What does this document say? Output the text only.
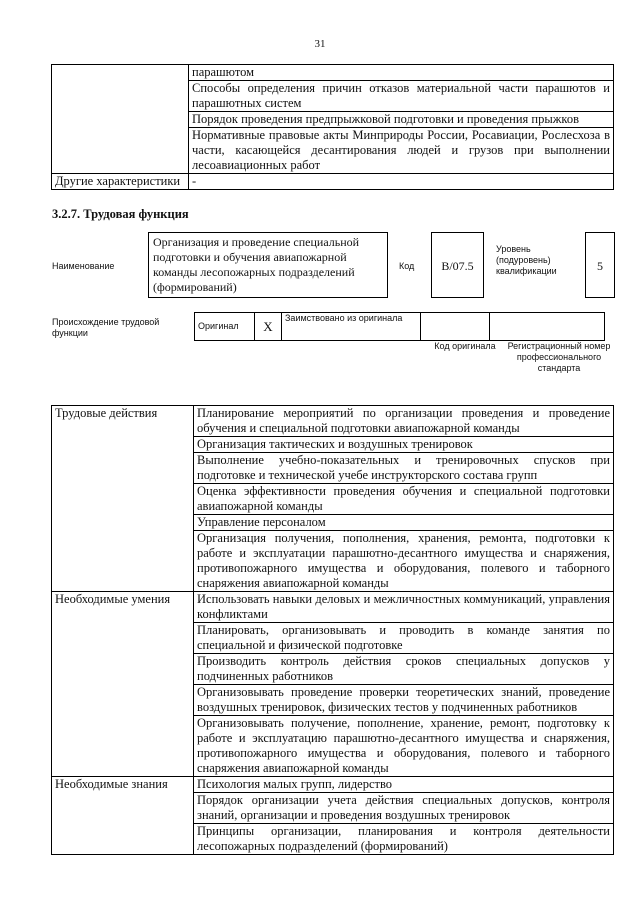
31
	парашютом
	Способы определения причин отказов материальной части парашютов и парашютных систем
	Порядок проведения предпрыжковой подготовки и проведения прыжков
	Нормативные правовые акты Минприроды России, Росавиации, Рослесхоза в части, касающейся десантирования людей и грузов при выполнении лесоавиационных работ
Другие характеристики	-
3.2.7. Трудовая функция
Наименование
Организация и проведение специальной подготовки и обучения авиапожарной команды лесопожарных подразделений (формирований)
Код	B/07.5
Уровень (подуровень) квалификации	5
Происхождение трудовой функции
Оригинал	X	Заимствовано из оригинала		
Код оригинала	Регистрационный номер профессионального стандарта
Трудовые действия	Планирование мероприятий по организации проведения и проведение обучения и специальной подготовки авиапожарной команды
	Организация тактических и воздушных тренировок
	Выполнение учебно-показательных и тренировочных спусков при подготовке и технической учебе инструкторского состава групп
	Оценка эффективности проведения обучения и специальной подготовки авиапожарной команды
	Управление персоналом
	Организация получения, пополнения, хранения, ремонта, подготовки к работе и эксплуатации парашютно-десантного имущества и снаряжения, противопожарного имущества и оборудования, полевого и таборного снаряжения авиапожарной команды
Необходимые умения	Использовать навыки деловых и межличностных коммуникаций, управления конфликтами
	Планировать, организовывать и проводить в команде занятия по специальной и физической подготовке
	Производить контроль действия сроков специальных допусков у подчиненных работников
	Организовывать проведение проверки теоретических знаний, проведение воздушных тренировок, физических тестов у подчиненных работников
	Организовывать получение, пополнение, хранение, ремонт, подготовку к работе и эксплуатацию парашютно-десантного имущества и снаряжения, противопожарного имущества и оборудования, полевого и таборного снаряжения авиапожарной команды
Необходимые знания	Психология малых групп, лидерство
	Порядок организации учета действия специальных допусков, контроля знаний, организации и проведения воздушных тренировок
	Принципы организации, планирования и контроля деятельности лесопожарных подразделений (формирований)
